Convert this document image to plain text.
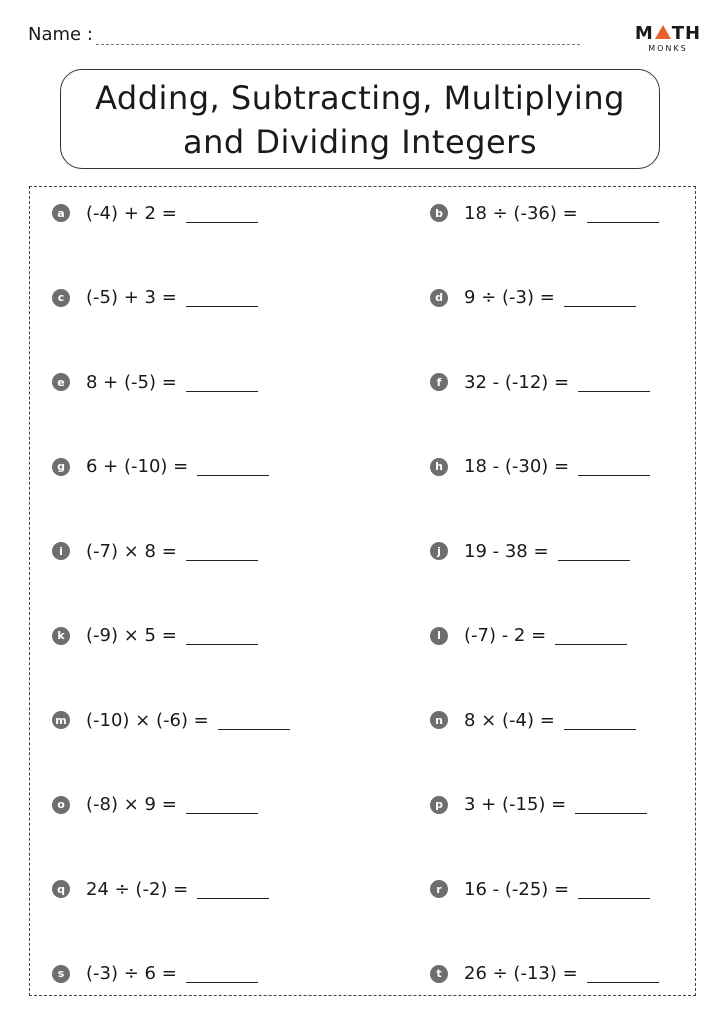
Name :	M TH
MONKS
Adding, Subtracting, Multiplying
and Dividing Integers
a (-4) + 2 =	b 18 ÷ (-36) =
c	(-5) + 3 =	d 9 ÷ (-3) =
e 8 + (-5) =	f	32 - (-12) =
g 6 + (-10) =	h 18 - (-30) =
i	(-7) × 8 =	j	19 - 38 =
k (-9) × 5 =	l	(-7) - 2 =
m (-10) × (-6) =	n 8 × (-4) =
o (-8) × 9 =	p 3 + (-15) =
q 24 ÷ (-2) =	r	16 - (-25) =
s	(-3) ÷ 6 =	t	26 ÷ (-13) =
